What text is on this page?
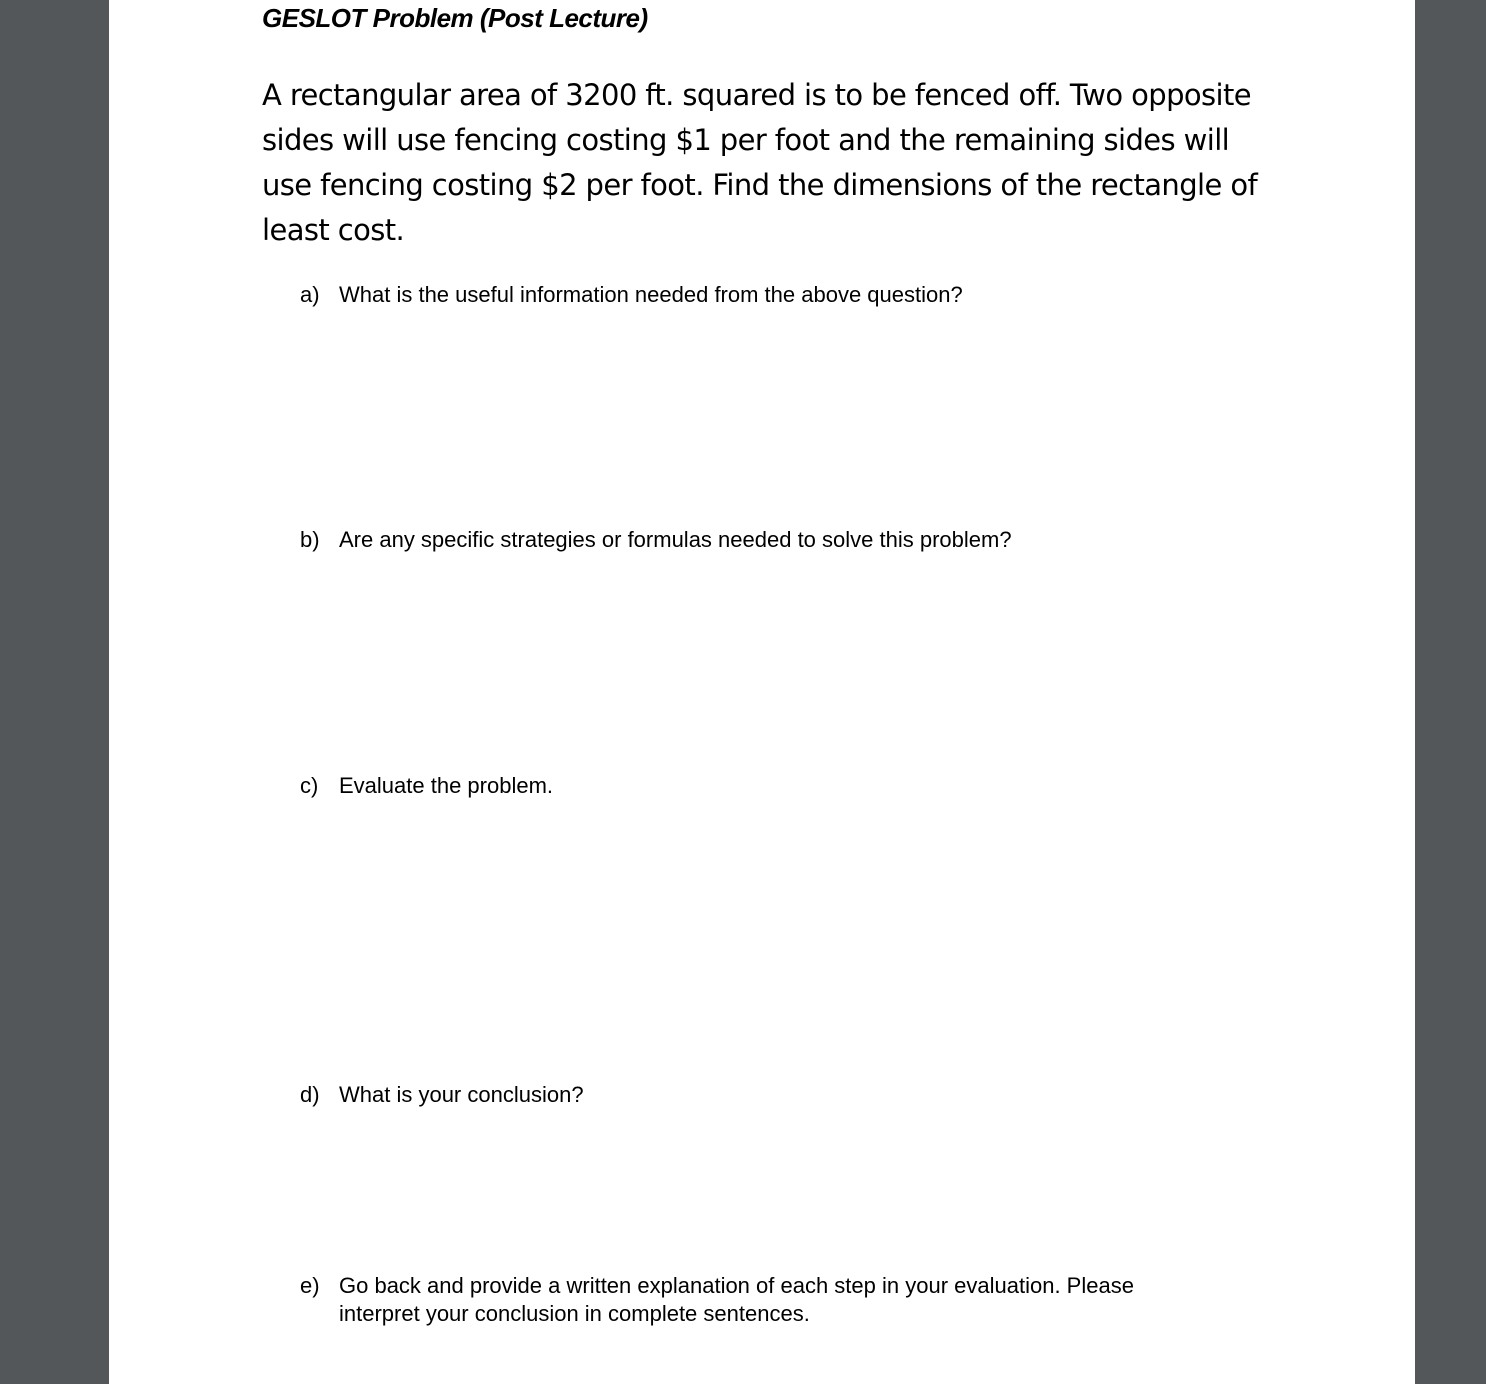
GESLOT Problem (Post Lecture)

A rectangular area of 3200 ft. squared is to be fenced off. Two opposite sides will use fencing costing $1 per foot and the remaining sides will use fencing costing $2 per foot. Find the dimensions of the rectangle of least cost.

a) What is the useful information needed from the above question?
b) Are any specific strategies or formulas needed to solve this problem?
c) Evaluate the problem.
d) What is your conclusion?
e) Go back and provide a written explanation of each step in your evaluation. Please interpret your conclusion in complete sentences.
